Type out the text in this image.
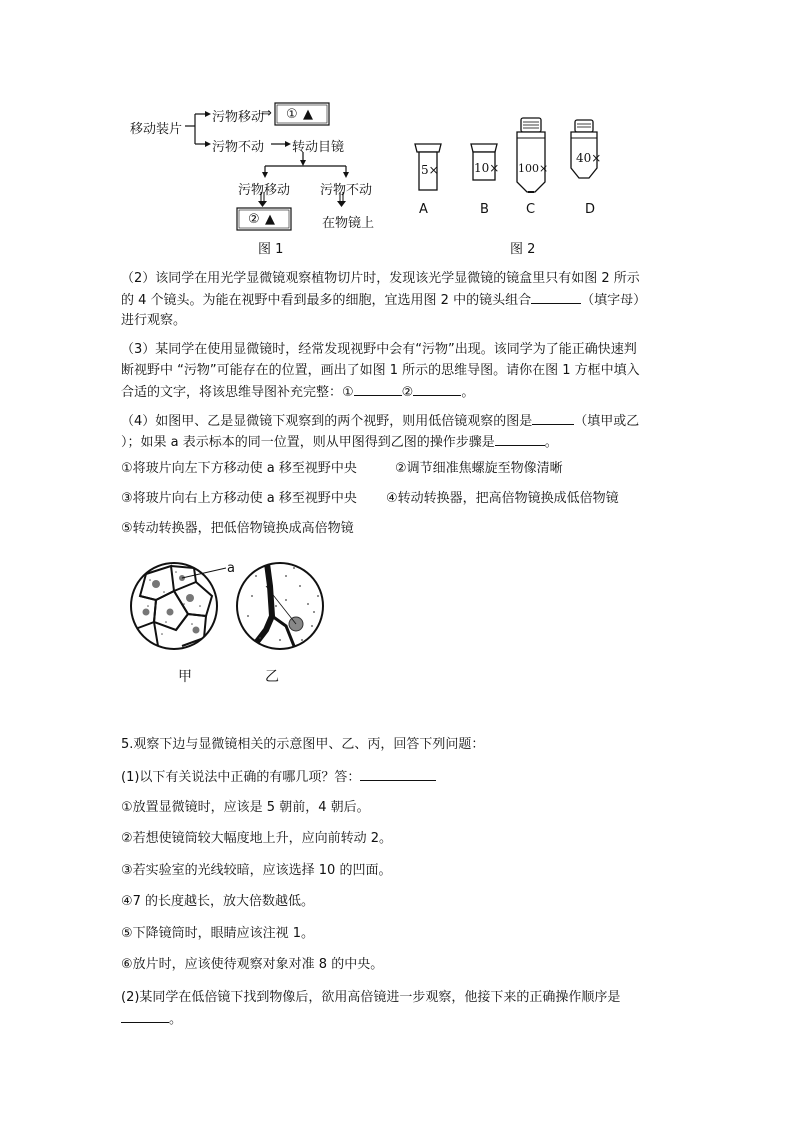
移动装片
污物移动
⇒ ① ▲
污物不动 转动目镜
污物移动 污物不动
② ▲	在物镜上
图 1
5×	10× 100×
40×
A	B	C	D
图 2
（2）该同学在用光学显微镜观察植物切片时，发现该光学显微镜的镜盒里只有如图 2 所示
的 4 个镜头。为能在视野中看到最多的细胞，宜选用图 2 中的镜头组合	（填字母）
进行观察。
（3）某同学在使用显微镜时，经常发现视野中会有“污物”出现。该同学为了能正确快速判
断视野中 “污物”可能存在的位置，画出了如图 1 所示的思维导图。请你在图 1 方框中填入
合适的文字，将该思维导图补充完整：①	②	。
（4）如图甲、乙是显微镜下观察到的两个视野，则用低倍镜观察的图是	（填甲或乙
）；如果 a 表示标本的同一位置，则从甲图得到乙图的操作步骤是	。
①将玻片向左下方移动使 a 移至视野中央	②调节细准焦螺旋至物像清晰
③将玻片向右上方移动使 a 移至视野中央 ④转动转换器，把高倍物镜换成低倍物镜
⑤转动转换器，把低倍物镜换成高倍物镜
a
甲	乙
5.观察下边与显微镜相关的示意图甲、乙、丙，回答下列问题：
(1)以下有关说法中正确的有哪几项？答：
①放置显微镜时，应该是 5 朝前，4 朝后。
②若想使镜筒较大幅度地上升，应向前转动 2。
③若实验室的光线较暗，应该选择 10 的凹面。
④7 的长度越长，放大倍数越低。
⑤下降镜筒时，眼睛应该注视 1。
⑥放片时，应该使待观察对象对准 8 的中央。
(2)某同学在低倍镜下找到物像后，欲用高倍镜进一步观察，他接下来的正确操作顺序是
。
